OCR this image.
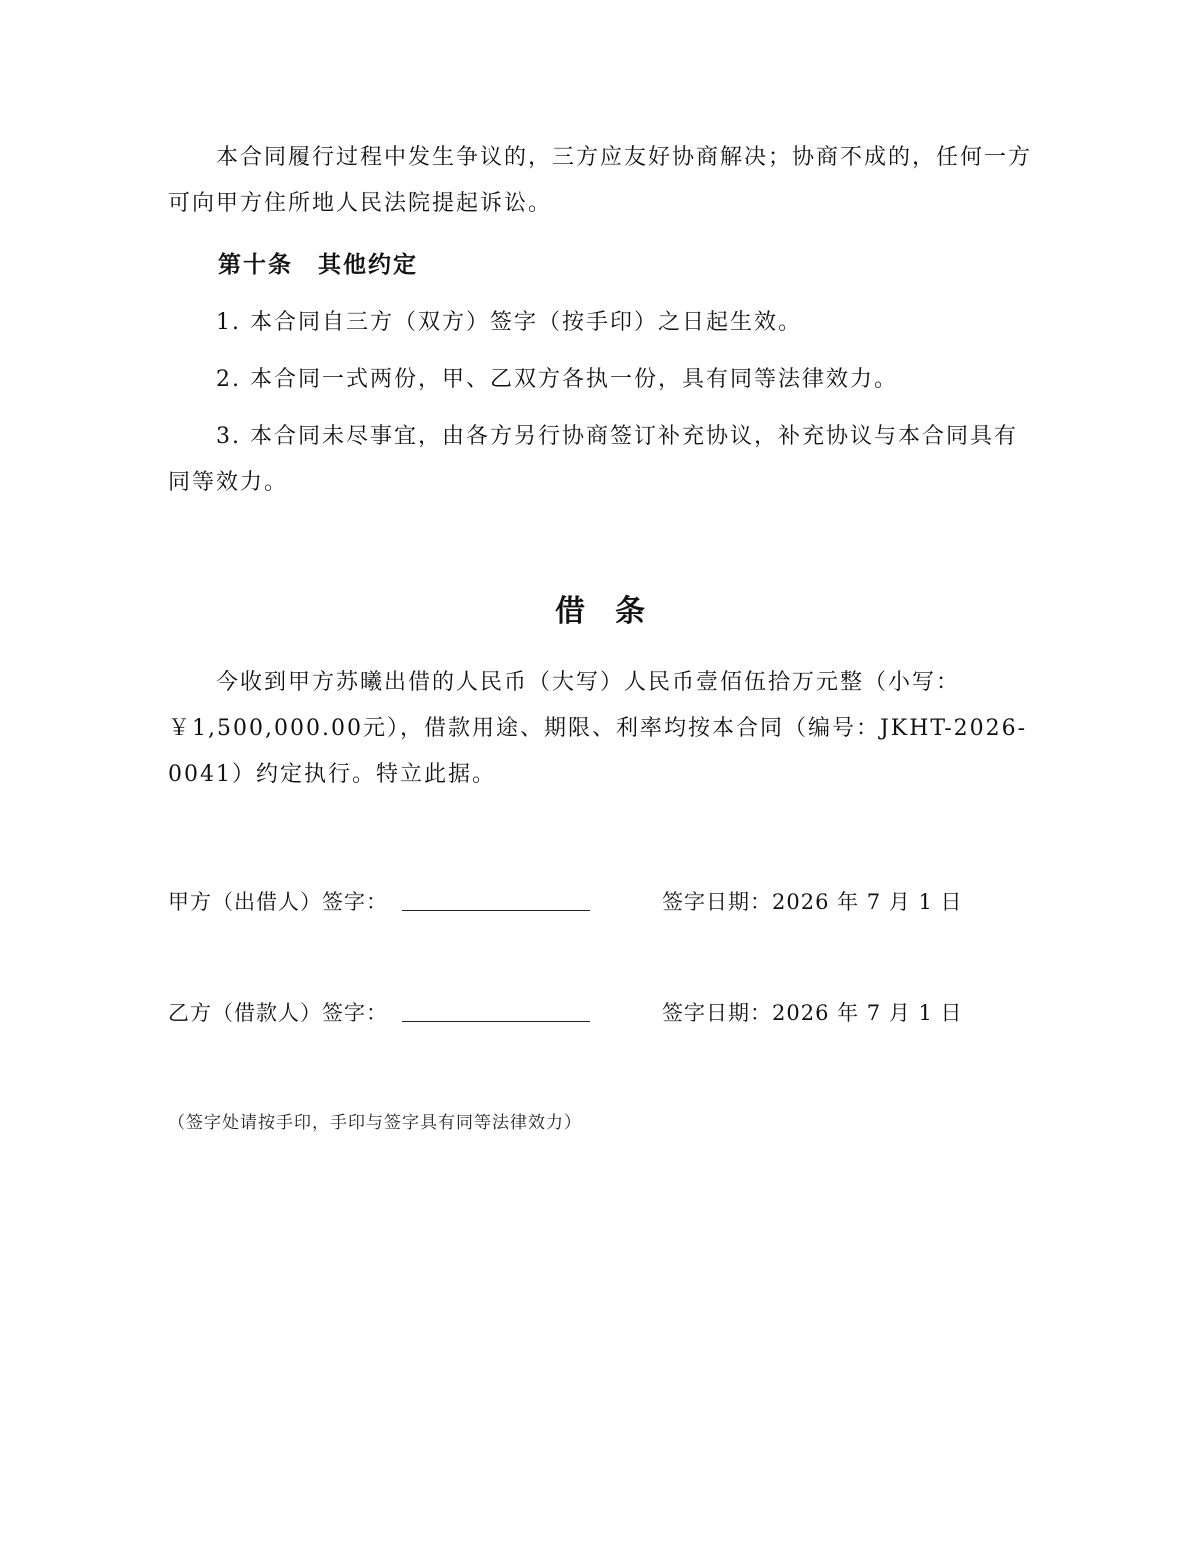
本合同履行过程中发生争议的，三方应友好协商解决；协商不成的，任何一方可向甲方住所地人民法院提起诉讼。

第十条　其他约定

1. 本合同自三方（双方）签字（按手印）之日起生效。

2. 本合同一式两份，甲、乙双方各执一份，具有同等法律效力。

3. 本合同未尽事宜，由各方另行协商签订补充协议，补充协议与本合同具有同等效力。

借　条

今收到甲方苏曦出借的人民币（大写）人民币壹佰伍拾万元整（小写：￥1,500,000.00元），借款用途、期限、利率均按本合同（编号：JKHT-2026-0041）约定执行。特立此据。

甲方（出借人）签字：	签字日期：2026 年 7 月 1 日
乙方（借款人）签字：	签字日期：2026 年 7 月 1 日

（签字处请按手印，手印与签字具有同等法律效力）
